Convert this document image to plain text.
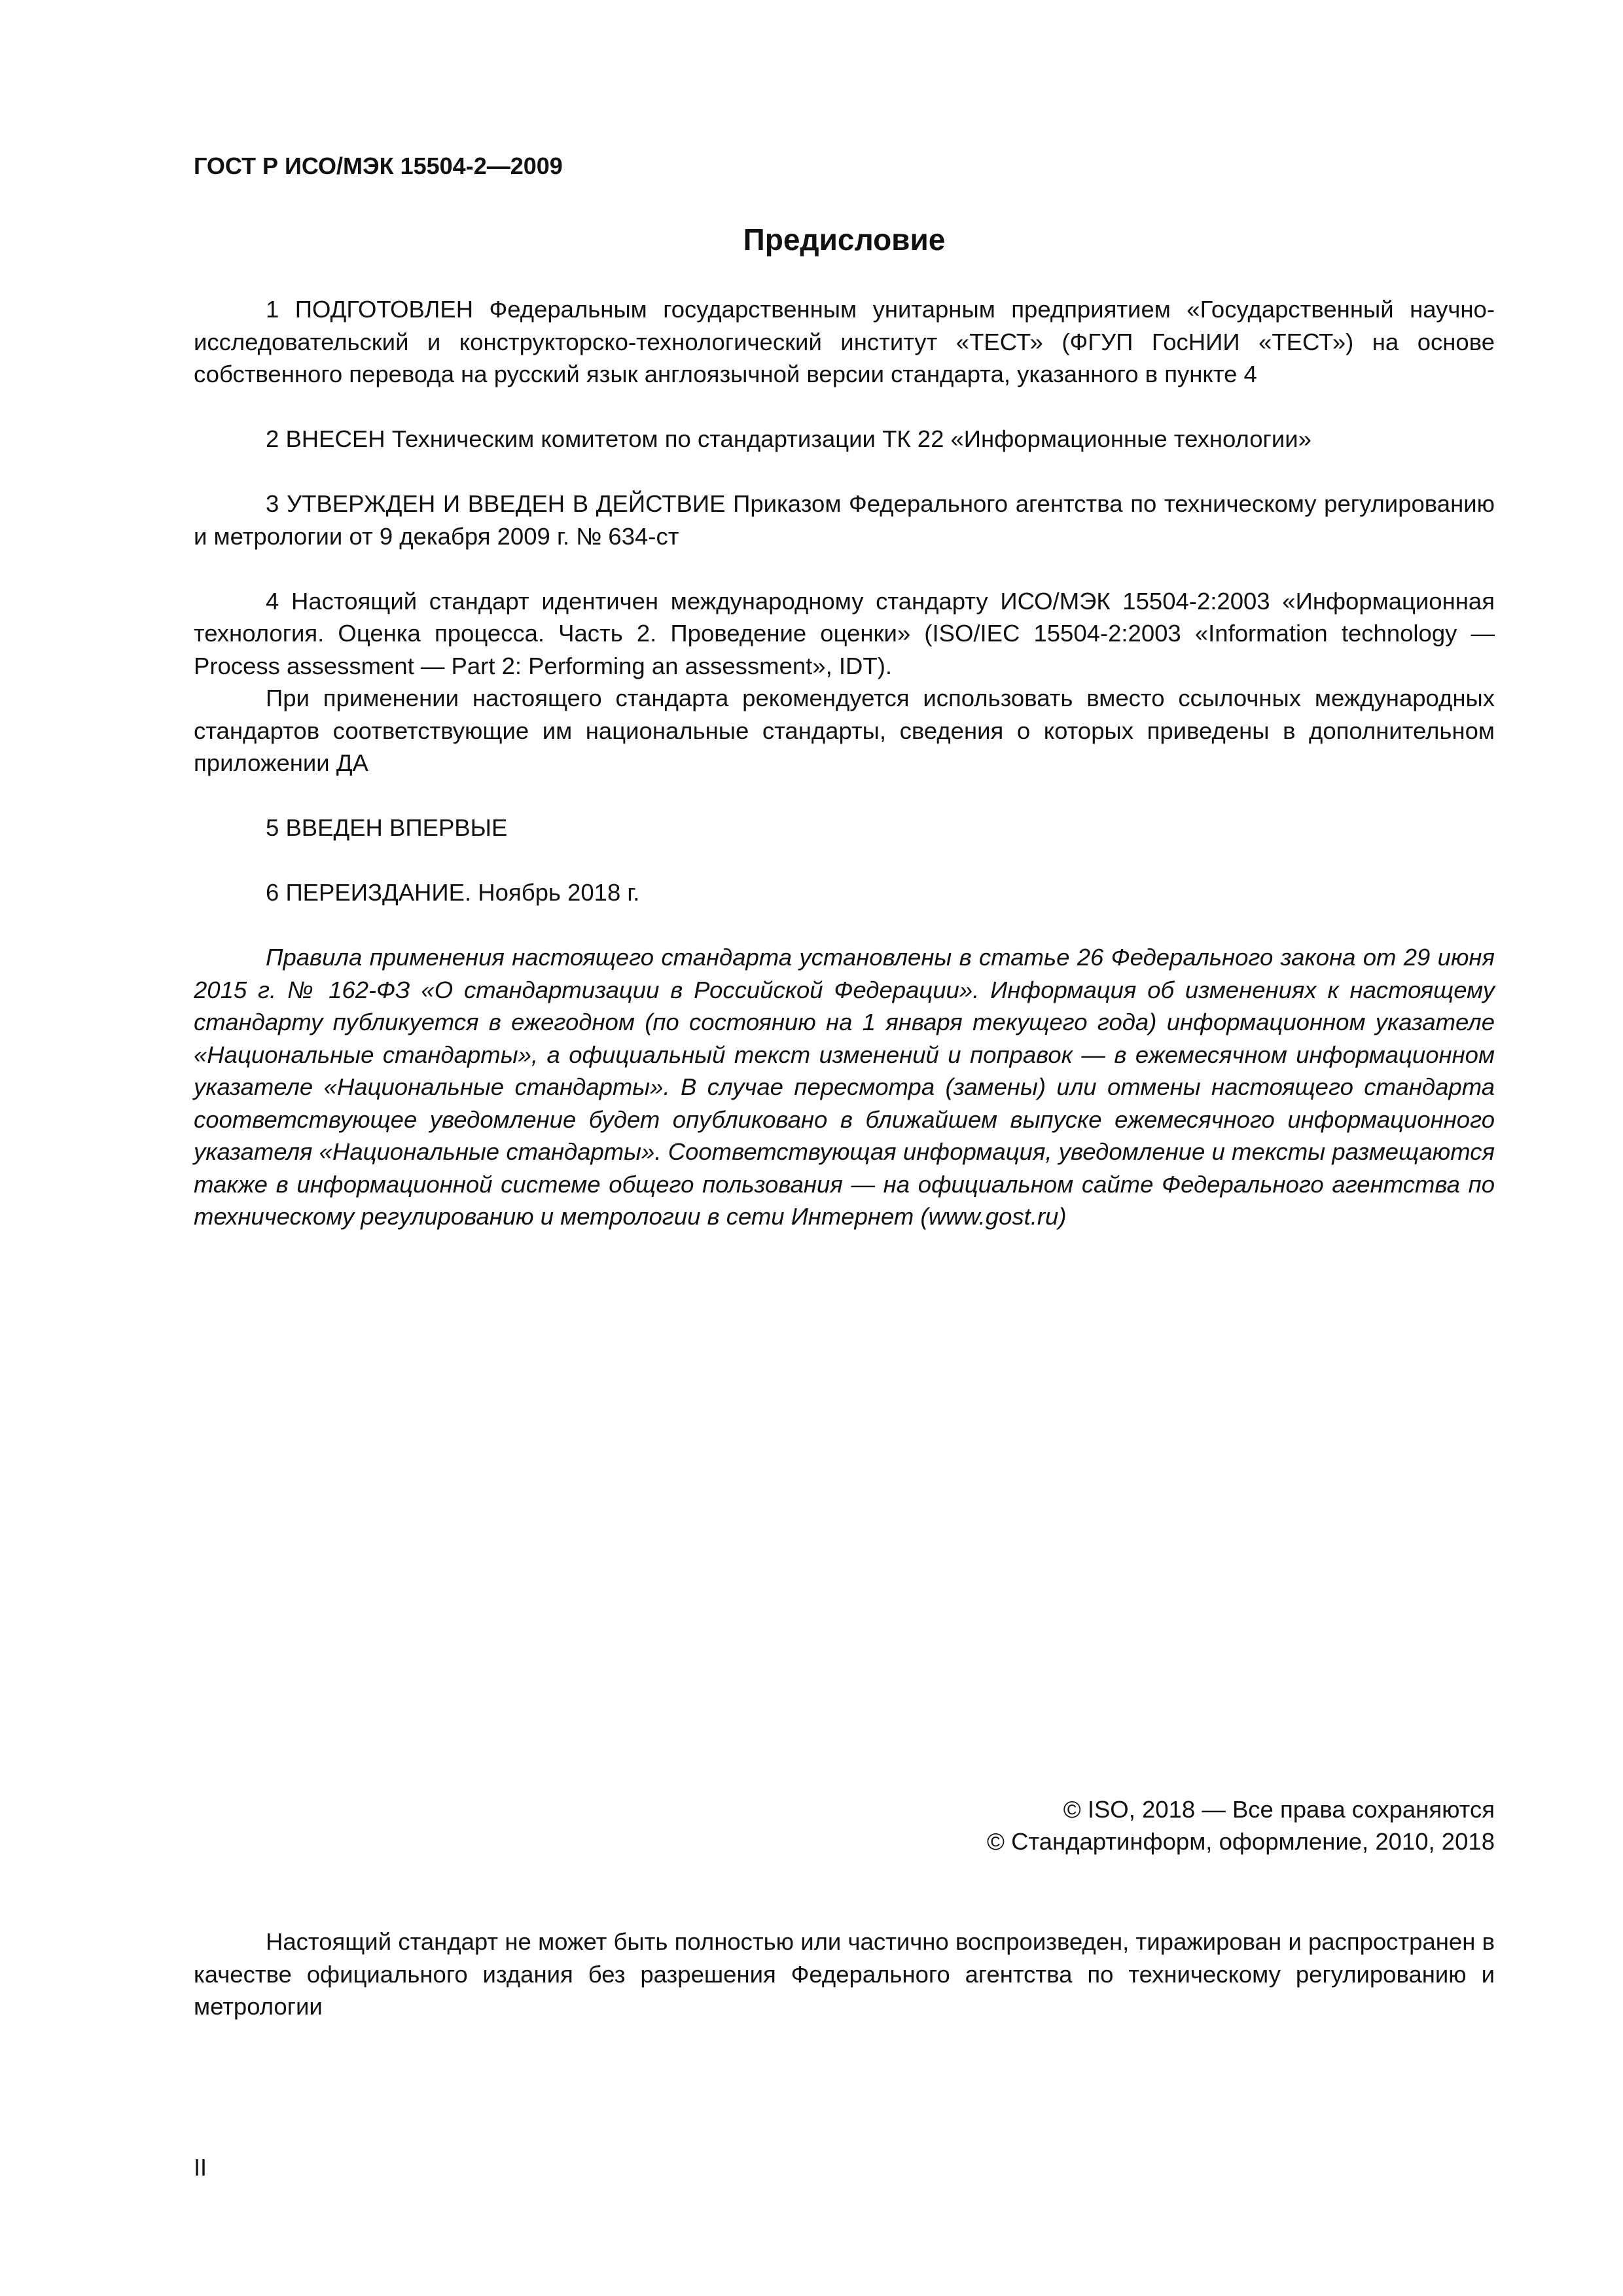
ГОСТ Р ИСО/МЭК 15504-2—2009
Предисловие

1 ПОДГОТОВЛЕН Федеральным государственным унитарным предприятием «Государственный научно-исследовательский и конструкторско-технологический институт «ТЕСТ» (ФГУП ГосНИИ «ТЕСТ») на основе собственного перевода на русский язык англоязычной версии стандарта, указанного в пункте 4

2 ВНЕСЕН Техническим комитетом по стандартизации ТК 22 «Информационные технологии»

3 УТВЕРЖДЕН И ВВЕДЕН В ДЕЙСТВИЕ Приказом Федерального агентства по техническому регулированию и метрологии от 9 декабря 2009 г. № 634-ст

4 Настоящий стандарт идентичен международному стандарту ИСО/МЭК 15504-2:2003 «Информационная технология. Оценка процесса. Часть 2. Проведение оценки» (ISO/IEC 15504-2:2003 «Information technology — Process assessment — Part 2: Performing an assessment», IDT).

При применении настоящего стандарта рекомендуется использовать вместо ссылочных международных стандартов соответствующие им национальные стандарты, сведения о которых приведены в дополнительном приложении ДА

5 ВВЕДЕН ВПЕРВЫЕ

6 ПЕРЕИЗДАНИЕ. Ноябрь 2018 г.

Правила применения настоящего стандарта установлены в статье 26 Федерального закона от 29 июня 2015 г. № 162-ФЗ «О стандартизации в Российской Федерации». Информация об изменениях к настоящему стандарту публикуется в ежегодном (по состоянию на 1 января текущего года) информационном указателе «Национальные стандарты», а официальный текст изменений и поправок — в ежемесячном информационном указателе «Национальные стандарты». В случае пересмотра (замены) или отмены настоящего стандарта соответствующее уведомление будет опубликовано в ближайшем выпуске ежемесячного информационного указателя «Национальные стандарты». Соответствующая информация, уведомление и тексты размещаются также в информационной системе общего пользования — на официальном сайте Федерального агентства по техническому регулированию и метрологии в сети Интернет (www.gost.ru)

© ISO, 2018 — Все права сохраняются
© Стандартинформ, оформление, 2010, 2018
Настоящий стандарт не может быть полностью или частично воспроизведен, тиражирован и распространен в качестве официального издания без разрешения Федерального агентства по техническому регулированию и метрологии
II
